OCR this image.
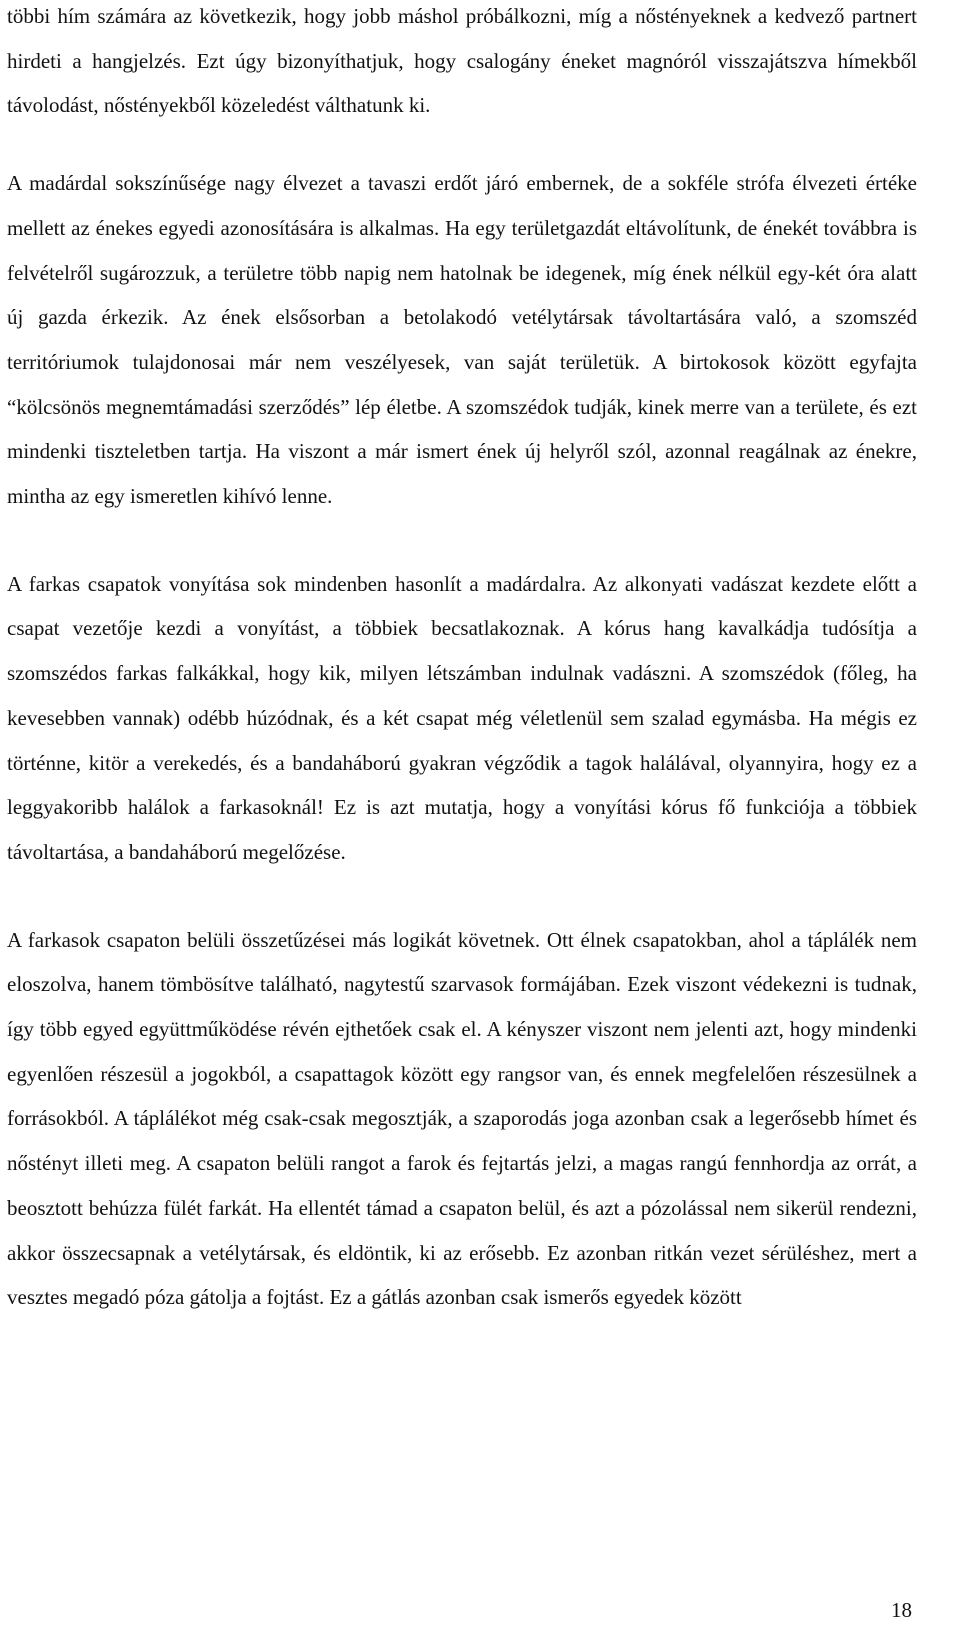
többi hím számára az következik, hogy jobb máshol próbálkozni, míg a nőstényeknek a kedvező partnert hirdeti a hangjelzés. Ezt úgy bizonyíthatjuk, hogy csalogány éneket magnóról visszajátszva hímekből távolodást, nőstényekből közeledést válthatunk ki.

A madárdal sokszínűsége nagy élvezet a tavaszi erdőt járó embernek, de a sokféle strófa élvezeti értéke mellett az énekes egyedi azonosítására is alkalmas. Ha egy területgazdát eltávolítunk, de énekét továbbra is felvételről sugározzuk, a területre több napig nem hatolnak be idegenek, míg ének nélkül egy-két óra alatt új gazda érkezik. Az ének elsősorban a betolakodó vetélytársak távoltartására való, a szomszéd territóriumok tulajdonosai már nem veszélyesek, van saját területük. A birtokosok között egyfajta “kölcsönös megnemtámadási szerződés” lép életbe. A szomszédok tudják, kinek merre van a területe, és ezt mindenki tiszteletben tartja. Ha viszont a már ismert ének új helyről szól, azonnal reagálnak az énekre, mintha az egy ismeretlen kihívó lenne.

A farkas csapatok vonyítása sok mindenben hasonlít a madárdalra. Az alkonyati vadászat kezdete előtt a csapat vezetője kezdi a vonyítást, a többiek becsatlakoznak. A kórus hang kavalkádja tudósítja a szomszédos farkas falkákkal, hogy kik, milyen létszámban indulnak vadászni. A szomszédok (főleg, ha kevesebben vannak) odébb húzódnak, és a két csapat még véletlenül sem szalad egymásba. Ha mégis ez történne, kitör a verekedés, és a bandaháború gyakran végződik a tagok halálával, olyannyira, hogy ez a leggyakoribb halálok a farkasoknál! Ez is azt mutatja, hogy a vonyítási kórus fő funkciója a többiek távoltartása, a bandaháború megelőzése.

A farkasok csapaton belüli összetűzései más logikát követnek. Ott élnek csapatokban, ahol a táplálék nem eloszolva, hanem tömbösítve található, nagytestű szarvasok formájában. Ezek viszont védekezni is tudnak, így több egyed együttműködése révén ejthetőek csak el. A kényszer viszont nem jelenti azt, hogy mindenki egyenlően részesül a jogokból, a csapattagok között egy rangsor van, és ennek megfelelően részesülnek a forrásokból. A táplálékot még csak-csak megosztják, a szaporodás joga azonban csak a legerősebb hímet és nőstényt illeti meg. A csapaton belüli rangot a farok és fejtartás jelzi, a magas rangú fennhordja az orrát, a beosztott behúzza fülét farkát. Ha ellentét támad a csapaton belül, és azt a pózolással nem sikerül rendezni, akkor összecsapnak a vetélytársak, és eldöntik, ki az erősebb. Ez azonban ritkán vezet sérüléshez, mert a vesztes megadó póza gátolja a fojtást. Ez a gátlás azonban csak ismerős egyedek között

18
